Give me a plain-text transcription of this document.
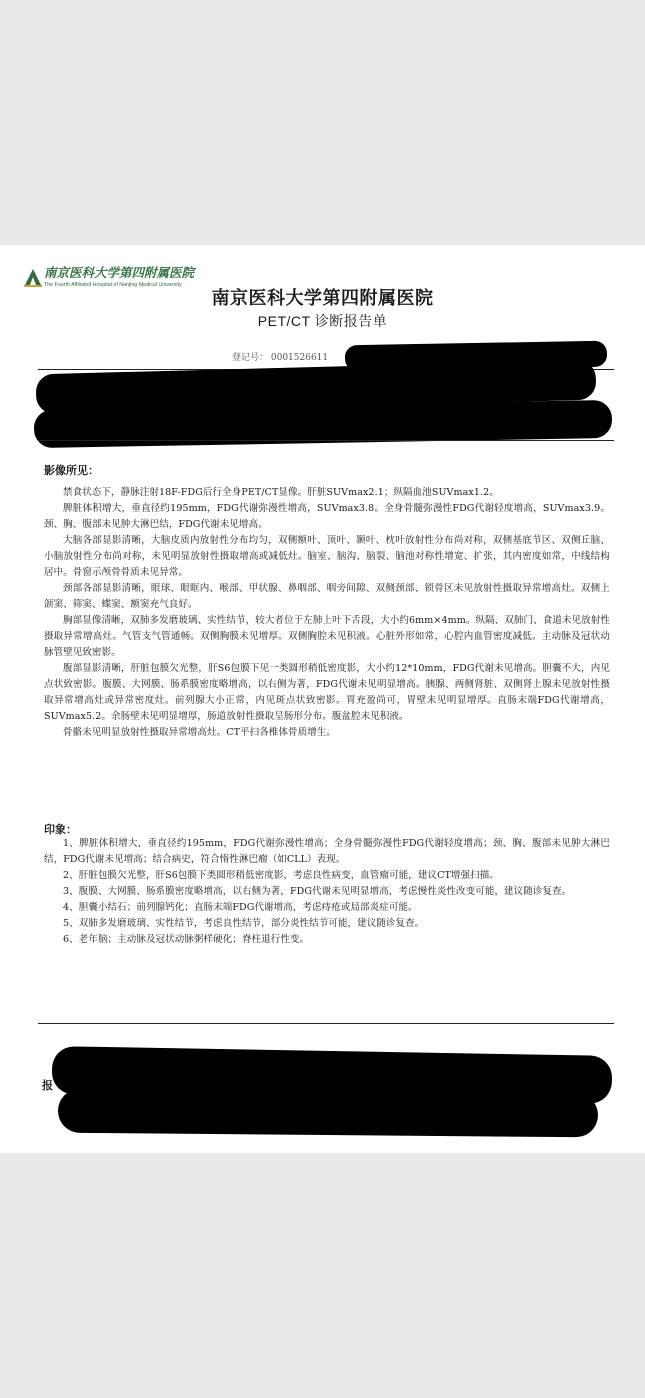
南京医科大学第四附属医院
The Fourth Affiliated Hospital of Nanjing Medical University
南京医科大学第四附属医院
PET/CT 诊断报告单
登记号： 0001526611
影像所见：

禁食状态下，静脉注射18F-FDG后行全身PET/CT显像。肝脏SUVmax2.1；纵隔血池SUVmax1.2。

脾脏体积增大，垂直径约195mm，FDG代谢弥漫性增高，SUVmax3.8。全身骨髓弥漫性FDG代谢轻度增高，SUVmax3.9。颈、胸、腹部未见肿大淋巴结，FDG代谢未见增高。

大脑各部显影清晰，大脑皮质内放射性分布均匀，双侧额叶、顶叶、颞叶、枕叶放射性分布尚对称，双侧基底节区、双侧丘脑、小脑放射性分布尚对称，未见明显放射性摄取增高或减低灶。脑室、脑沟、脑裂、脑池对称性增宽、扩张，其内密度如常，中线结构居中。骨窗示颅骨骨质未见异常。

颈部各部显影清晰，眼球、眼眶内、喉部、甲状腺、鼻咽部、咽旁间隙、双侧颈部、锁骨区未见放射性摄取异常增高灶。双侧上颌窦、筛窦、蝶窦、额窦充气良好。

胸部显像清晰，双肺多发磨玻璃、实性结节，较大者位于左肺上叶下舌段，大小约6mm×4mm。纵隔、双肺门、食道未见放射性摄取异常增高灶。气管支气管通畅。双侧胸膜未见增厚。双侧胸腔未见积液。心脏外形如常，心腔内血管密度减低。主动脉及冠状动脉管壁见致密影。

腹部显影清晰，肝脏包膜欠光整，肝S6包膜下见一类圆形稍低密度影，大小约12*10mm，FDG代谢未见增高。胆囊不大，内见点状致密影。腹膜、大网膜、肠系膜密度略增高，以右侧为著，FDG代谢未见明显增高。胰腺、两侧肾脏、双侧肾上腺未见放射性摄取异常增高灶或异常密度灶。前列腺大小正常，内见斑点状致密影。胃充盈尚可，胃壁未见明显增厚。直肠末端FDG代谢增高，SUVmax5.2。余肠壁未见明显增厚，肠道放射性摄取呈肠形分布。腹盆腔未见积液。

骨骼未见明显放射性摄取异常增高灶。CT平扫各椎体骨质增生。

印象：

1、脾脏体积增大，垂直径约195mm，FDG代谢弥漫性增高；全身骨髓弥漫性FDG代谢轻度增高；颈、胸、腹部未见肿大淋巴结，FDG代谢未见增高；结合病史，符合惰性淋巴瘤（如CLL）表现。

2、肝脏包膜欠光整，肝S6包膜下类圆形稍低密度影，考虑良性病变，血管瘤可能，建议CT增强扫描。

3、腹膜、大网膜、肠系膜密度略增高，以右侧为著，FDG代谢未见明显增高，考虑慢性炎性改变可能，建议随诊复查。

4、胆囊小结石；前列腺钙化；直肠末端FDG代谢增高，考虑痔疮或局部炎症可能。

5、双肺多发磨玻璃、实性结节，考虑良性结节，部分炎性结节可能，建议随诊复查。

6、老年脑；主动脉及冠状动脉粥样硬化；脊柱退行性变。

报
